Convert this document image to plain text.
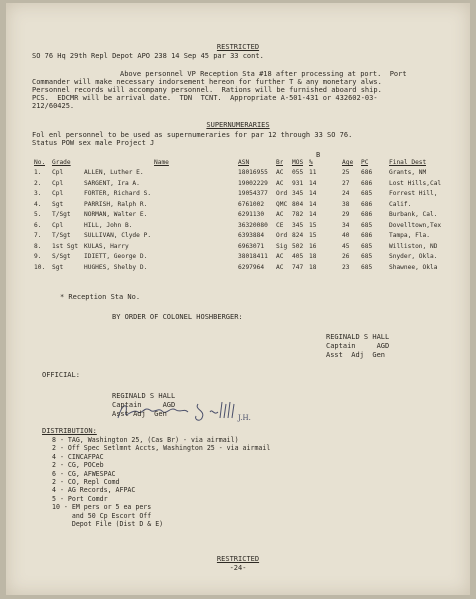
RESTRICTED
SO 76 Hq 29th Repl Depot APO 238 14 Sep 45 par 33 cont.
Above personnel VP Reception Sta #18 after processing at port.  Port
Commander will make necessary indorsement hereon for further T & any monetary alws.
Personnel records will accompany personnel.  Rations will be furnished aboard ship.
PCS.  EDCMR will be arrival date.  TDN  TCNT.  Appropriate A-501-431 or 432602-03-
212/60425.
SUPERNUMERARIES
Fol enl personnel to be used as supernumeraries for par 12 through 33 SO 76.
Status POW sex male Project J
B
No. Grade	Name	ASN	Br MOS %	Age PC	Final Dest
1. Cpl	ALLEN, Luther E.	18016955 AC 055 11	25 686	Grants, NM
2. Cpl	SARGENT, Ira A.	19002229 AC 931 14	27 686	Lost Hills,Cal
3. Cpl	FORTER, Richard S.	19054377 Ord 345 14	24 685	Forrest Hill,
4. Sgt	PARRISH, Ralph R.	6761002 QMC 804 14	38 686	Calif.
5. T/Sgt NORMAN, Walter E.	6291130 AC 782 14	29 686	Burbank, Cal.
6. Cpl	HILL, John B.	36320080 CE 345 15	34 685	Dovelltown,Tex
7. T/Sgt SULLIVAN, Clyde P.	6393884 Ord 824 15	40 686	Tampa, Fla.
8. 1st Sgt KULAS, Harry	6963071 Sig 502 16	45 685	Williston, ND
9. S/Sgt IDIETT, George D.	38018411 AC 405 18	26 685	Snyder, Okla.
10. Sgt	HUGHES, Shelby D.	6297964 AC 747 18	23 685	Shawnee, Okla
* Reception Sta No.
BY ORDER OF COLONEL HOSHBERGER:
REGINALD S HALL
Captain     AGD
Asst  Adj  Gen
OFFICIAL:
J.H.
REGINALD S HALL
Captain     AGD
Asst Adj  Gen
DISTRIBUTION:
8 - TAG, Washington 25, (Cas Br) - via airmail)
2 - Off Spec Setlmnt Accts, Washington 25 - via airmail
4 - CINCAFPAC
2 - CG, POCeb
6 - CG, AFWESPAC
2 - CO, Repl Comd
4 - AG Records, AFPAC
5 - Port Comdr
10 - EM pers or 5 ea pers
and 50 Cp Escort Off
Depot File (Dist D & E)
RESTRICTED
-24-
